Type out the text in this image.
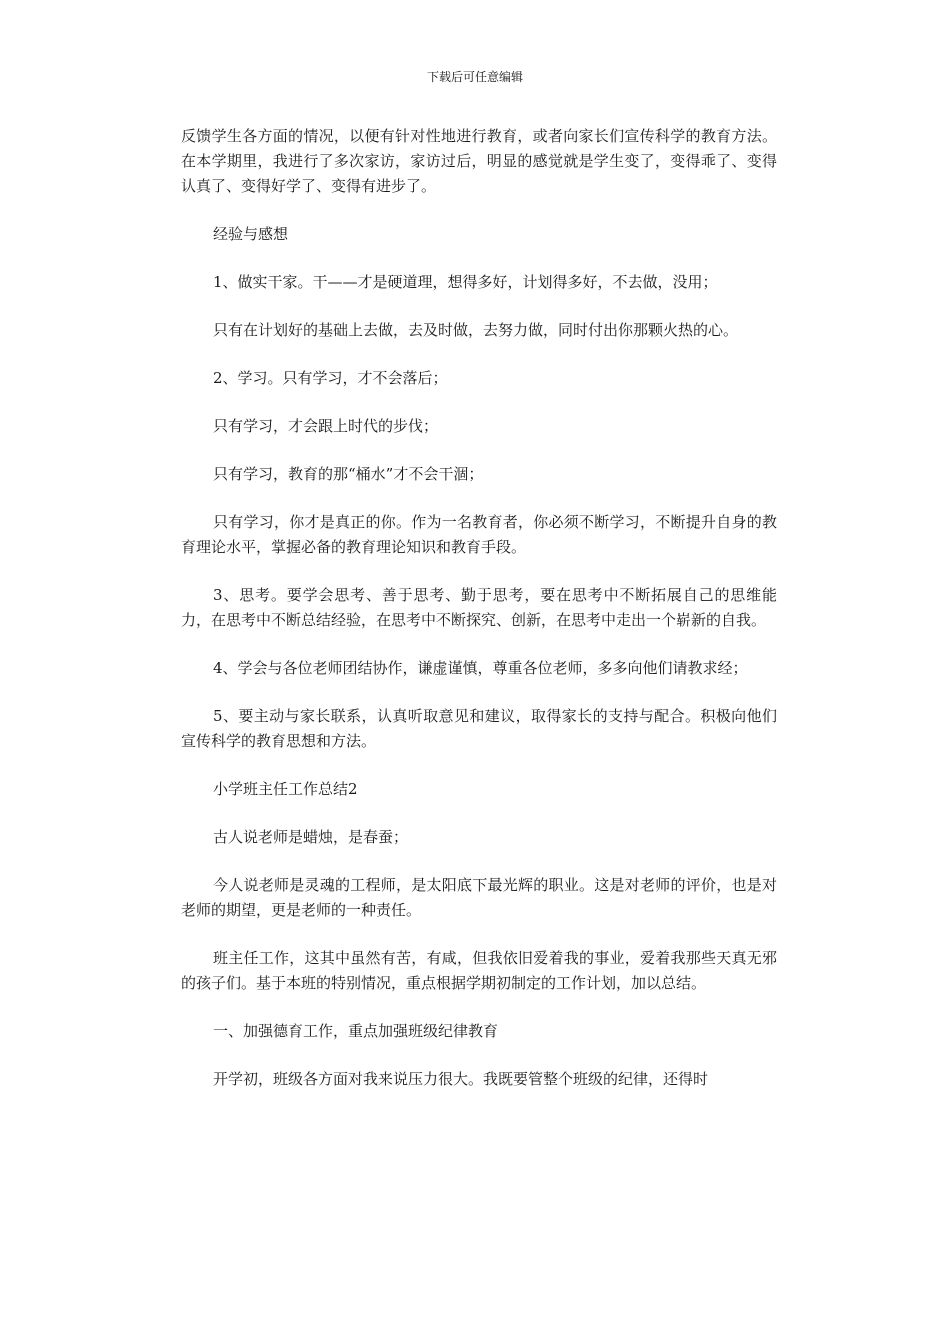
下载后可任意编辑

反馈学生各方面的情况，以便有针对性地进行教育，或者向家长们宣传科学的教育方法。在本学期里，我进行了多次家访，家访过后，明显的感觉就是学生变了，变得乖了、变得认真了、变得好学了、变得有进步了。

经验与感想

1、做实干家。干——才是硬道理，想得多好，计划得多好，不去做，没用；

只有在计划好的基础上去做，去及时做，去努力做，同时付出你那颗火热的心。

2、学习。只有学习，才不会落后；

只有学习，才会跟上时代的步伐；

只有学习，教育的那“桶水”才不会干涸；

只有学习，你才是真正的你。作为一名教育者，你必须不断学习，不断提升自身的教育理论水平，掌握必备的教育理论知识和教育手段。

3、思考。要学会思考、善于思考、勤于思考，要在思考中不断拓展自己的思维能力，在思考中不断总结经验，在思考中不断探究、创新，在思考中走出一个崭新的自我。

4、学会与各位老师团结协作，谦虚谨慎，尊重各位老师，多多向他们请教求经；

5、要主动与家长联系，认真听取意见和建议，取得家长的支持与配合。积极向他们宣传科学的教育思想和方法。

小学班主任工作总结2

古人说老师是蜡烛，是春蚕；

今人说老师是灵魂的工程师，是太阳底下最光辉的职业。这是对老师的评价，也是对老师的期望，更是老师的一种责任。

班主任工作，这其中虽然有苦，有咸，但我依旧爱着我的事业，爱着我那些天真无邪的孩子们。基于本班的特别情况，重点根据学期初制定的工作计划，加以总结。

一、加强德育工作，重点加强班级纪律教育

开学初，班级各方面对我来说压力很大。我既要管整个班级的纪律，还得时
